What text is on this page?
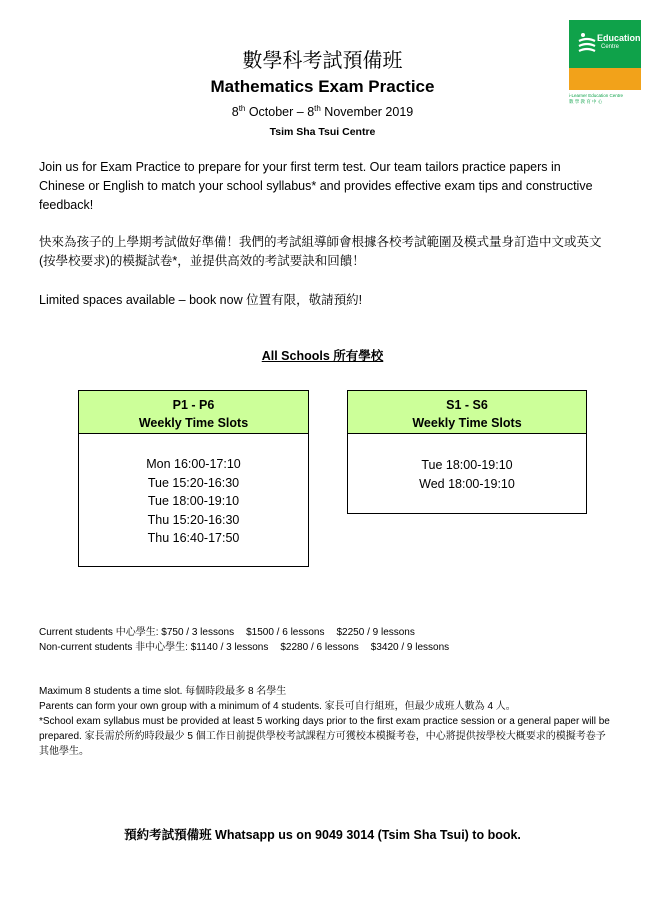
Education
Centre
i-Learner Education Centre
數 學 教 育 中 心
數學科考試預備班
Mathematics Exam Practice
8th October – 8th November 2019
Tsim Sha Tsui Centre
Join us for Exam Practice to prepare for your first term test. Our team tailors practice papers in Chinese or English to match your school syllabus* and provides effective exam tips and constructive feedback!
快來為孩子的上學期考試做好準備！我們的考試組導師會根據各校考試範圍及模式量身訂造中文或英文(按學校要求)的模擬試卷*，並提供高效的考試要訣和回饋！
Limited spaces available – book now 位置有限，敬請預約!
All Schools 所有學校
P1 - P6
Weekly Time Slots
Mon 16:00-17:10
Tue 15:20-16:30
Tue 18:00-19:10
Thu 15:20-16:30
Thu 16:40-17:50
S1 - S6
Weekly Time Slots
Tue 18:00-19:10
Wed 18:00-19:10
Current students 中心學生: $750 / 3 lessons $1500 / 6 lessons $2250 / 9 lessons
Non-current students 非中心學生: $1140 / 3 lessons $2280 / 6 lessons $3420 / 9 lessons
Maximum 8 students a time slot. 每個時段最多 8 名學生
Parents can form your own group with a minimum of 4 students. 家長可自行組班，但最少成班人數為 4 人。
*School exam syllabus must be provided at least 5 working days prior to the first exam practice session or a general paper will be prepared. 家長需於所約時段最少 5 個工作日前提供學校考試課程方可獲校本模擬考卷，中心將提供按學校大概要求的模擬考卷予其他學生。
預約考試預備班 Whatsapp us on 9049 3014 (Tsim Sha Tsui) to book.
